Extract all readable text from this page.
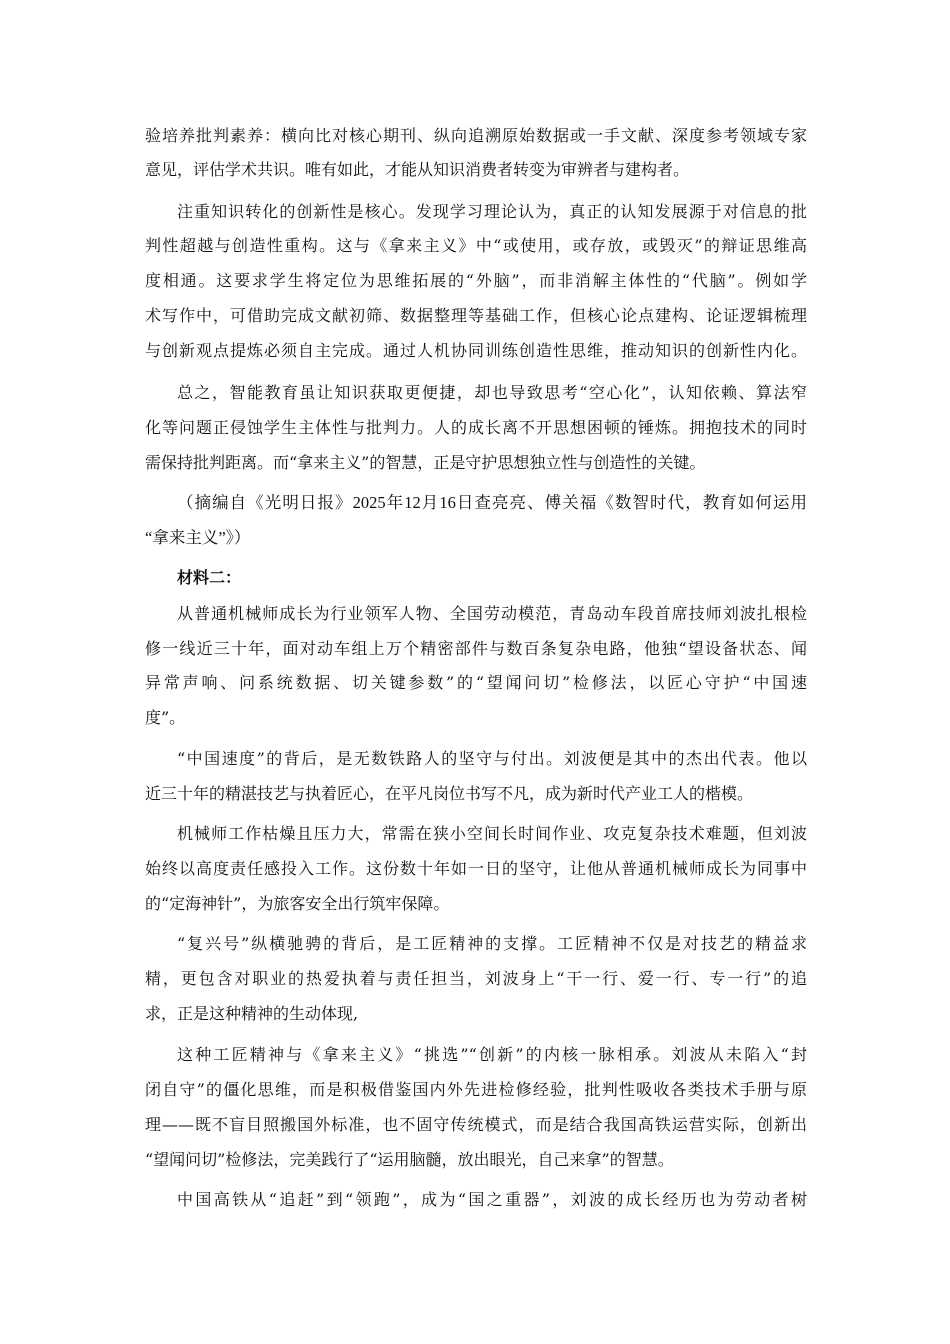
验培养批判素养：横向比对核心期刊、纵向追溯原始数据或一手文献、深度参考领域专家
意见，评估学术共识。唯有如此，才能从知识消费者转变为审辨者与建构者。
注重知识转化的创新性是核心。发现学习理论认为，真正的认知发展源于对信息的批
判性超越与创造性重构。这与《拿来主义》中“或使用，或存放，或毁灭”的辩证思维高
度相通。这要求学生将定位为思维拓展的“外脑”，而非消解主体性的“代脑”。例如学
术写作中，可借助完成文献初筛、数据整理等基础工作，但核心论点建构、论证逻辑梳理
与创新观点提炼必须自主完成。通过人机协同训练创造性思维，推动知识的创新性内化。
总之，智能教育虽让知识获取更便捷，却也导致思考“空心化”，认知依赖、算法窄
化等问题正侵蚀学生主体性与批判力。人的成长离不开思想困顿的锤炼。拥抱技术的同时
需保持批判距离。而“拿来主义”的智慧，正是守护思想独立性与创造性的关键。
（摘编自《光明日报》2025年12月16日查亮亮、傅关福《数智时代，教育如何运用
“拿来主义”》）
材料二：
从普通机械师成长为行业领军人物、全国劳动模范，青岛动车段首席技师刘波扎根检
修一线近三十年，面对动车组上万个精密部件与数百条复杂电路，他独“望设备状态、闻
异常声响、问系统数据、切关键参数”的“望闻问切”检修法，以匠心守护“中国速
度”。
“中国速度”的背后，是无数铁路人的坚守与付出。刘波便是其中的杰出代表。他以
近三十年的精湛技艺与执着匠心，在平凡岗位书写不凡，成为新时代产业工人的楷模。
机械师工作枯燥且压力大，常需在狭小空间长时间作业、攻克复杂技术难题，但刘波
始终以高度责任感投入工作。这份数十年如一日的坚守，让他从普通机械师成长为同事中
的“定海神针”，为旅客安全出行筑牢保障。
“复兴号”纵横驰骋的背后，是工匠精神的支撑。工匠精神不仅是对技艺的精益求
精，更包含对职业的热爱执着与责任担当，刘波身上“干一行、爱一行、专一行”的追
求，正是这种精神的生动体现,
这种工匠精神与《拿来主义》“挑选”“创新”的内核一脉相承。刘波从未陷入“封
闭自守”的僵化思维，而是积极借鉴国内外先进检修经验，批判性吸收各类技术手册与原
理——既不盲目照搬国外标准，也不固守传统模式，而是结合我国高铁运营实际，创新出
“望闻问切”检修法，完美践行了“运用脑髓，放出眼光，自己来拿”的智慧。
中国高铁从“追赶”到“领跑”，成为“国之重器”，刘波的成长经历也为劳动者树
